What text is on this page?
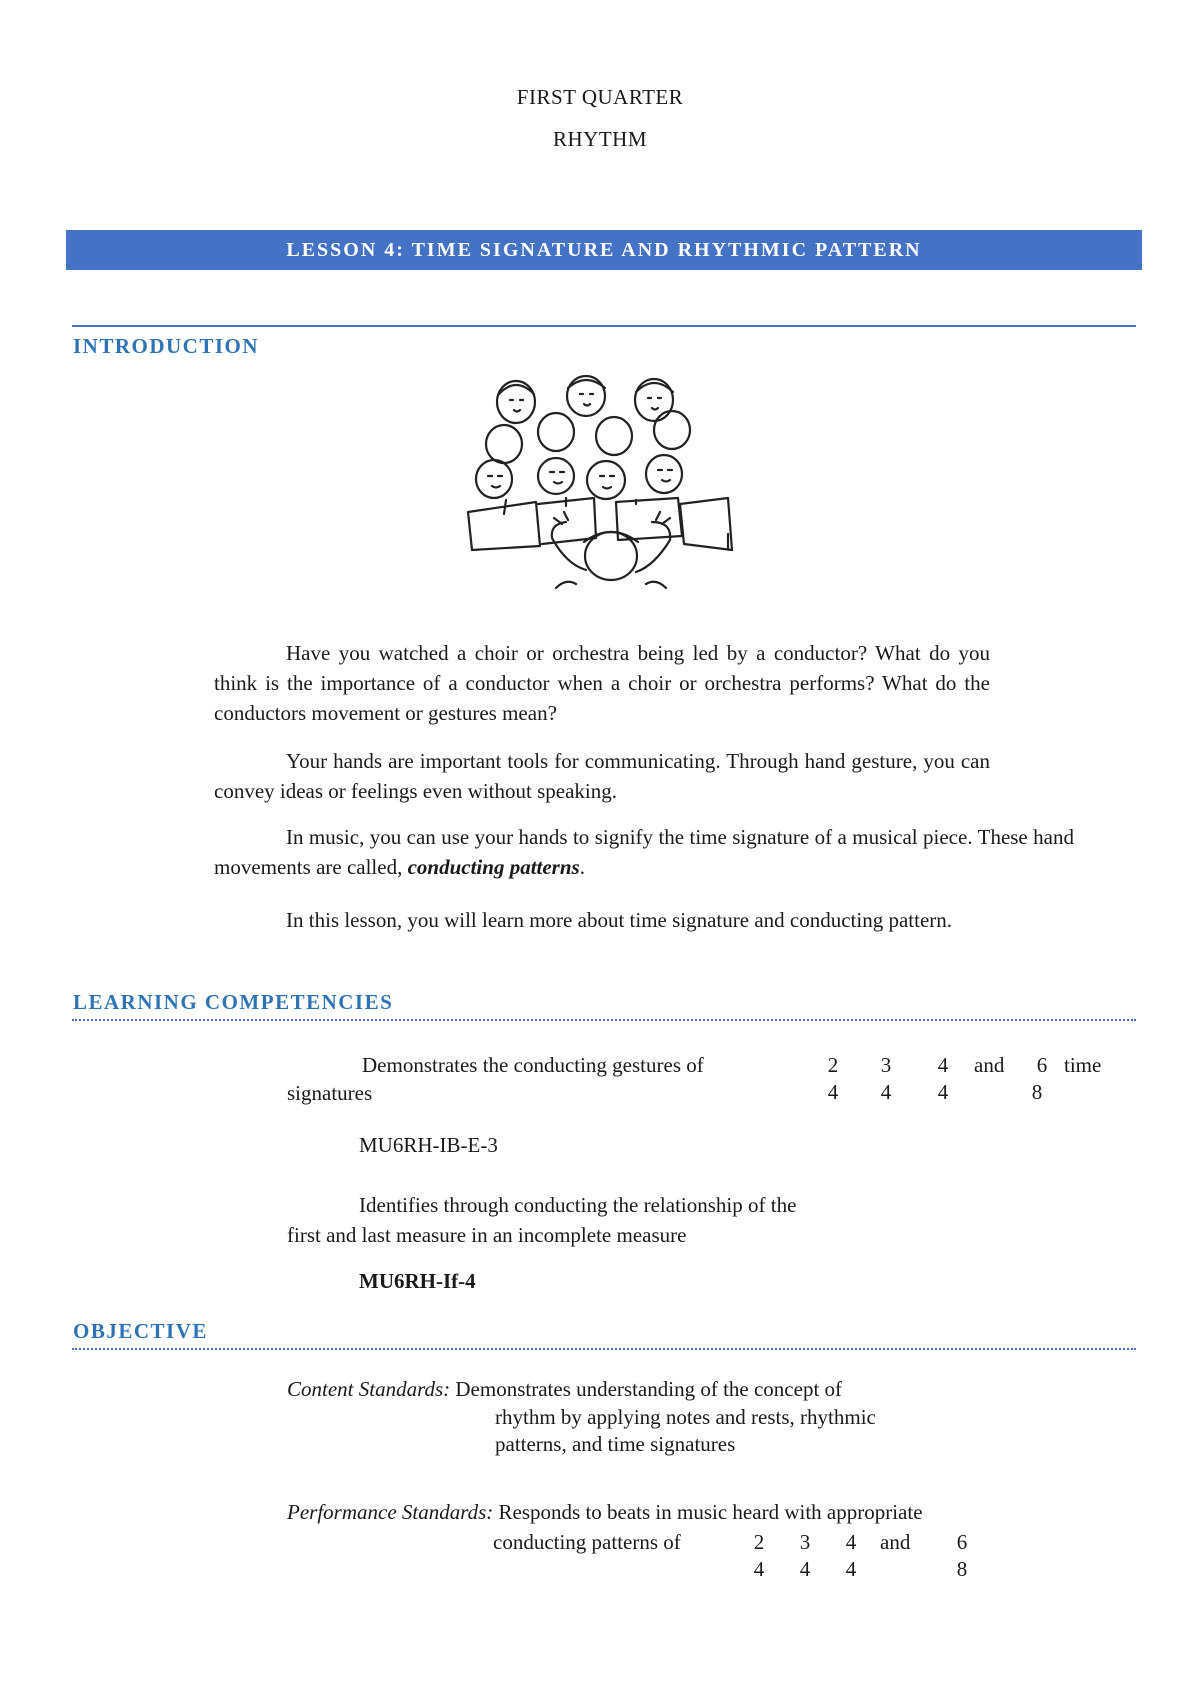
FIRST QUARTER
RHYTHM
LESSON 4: TIME SIGNATURE AND RHYTHMIC PATTERN
INTRODUCTION
Have you watched a choir or orchestra being led by a conductor? What do you think is the importance of a conductor when a choir or orchestra performs? What do the conductors movement or gestures mean?
Your hands are important tools for communicating. Through hand gesture, you can convey ideas or feelings even without speaking.
In music, you can use your hands to signify the time signature of a musical piece. These hand movements are called, conducting patterns.
In this lesson, you will learn more about time signature and conducting pattern.
LEARNING COMPETENCIES
Demonstrates the conducting gestures of
signatures
2
4
3
4
4
4
and 6
8
time
MU6RH-IB-E-3
Identifies through conducting the relationship of the
first and last measure in an incomplete measure
MU6RH-If-4
OBJECTIVE
Content Standards: Demonstrates understanding of the concept of
rhythm by applying notes and rests, rhythmic
patterns, and time signatures
Performance Standards: Responds to beats in music heard with appropriate
conducting patterns of	2
4
3
4
4
4
and 6
8
